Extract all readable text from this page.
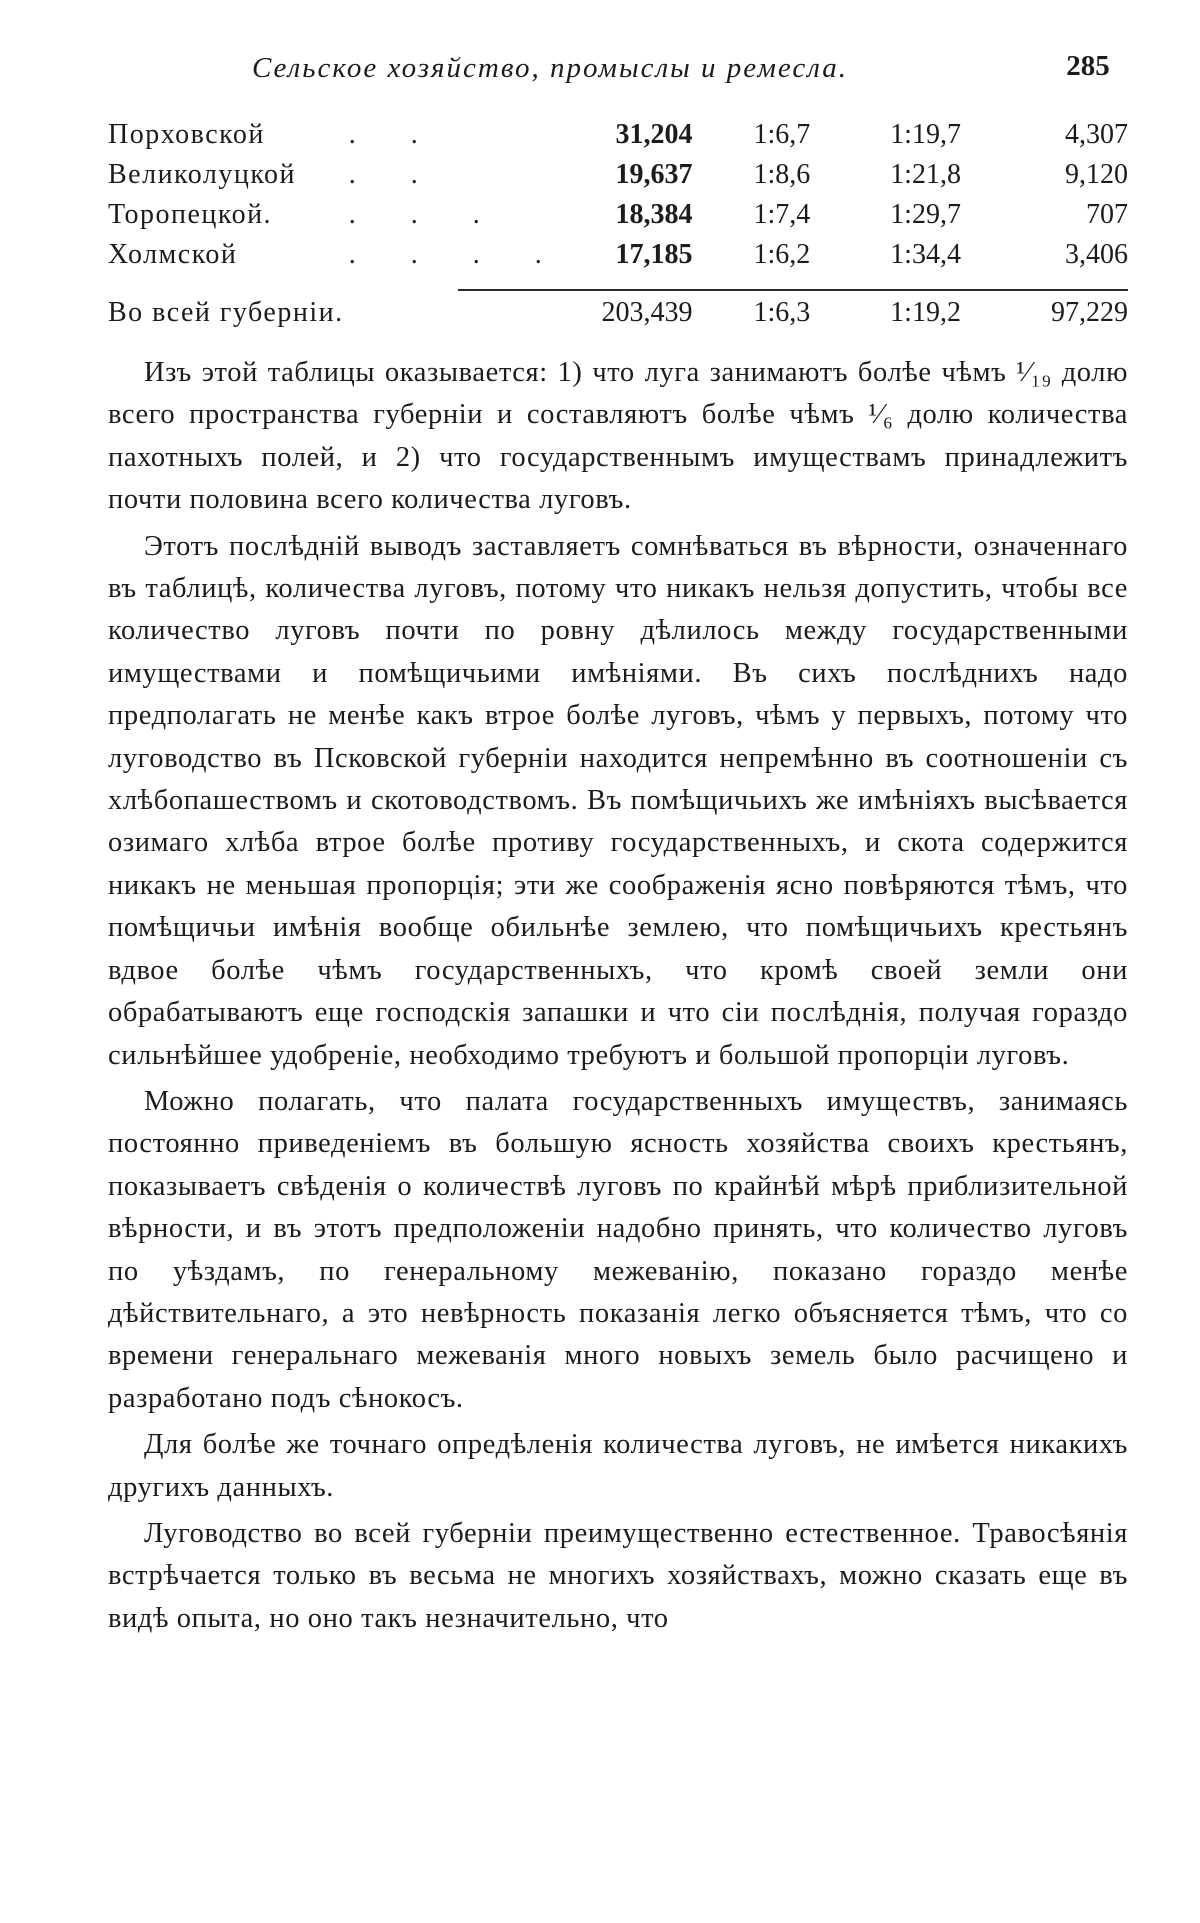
Сельское хозяйство, промыслы и ремесла.	285
Порховской	. .	31,204	1:6,7	1:19,7	4,307
Великолуцкой	. .	19,637	1:8,6	1:21,8	9,120
Торопецкой.	. . .	18,384	1:7,4	1:29,7	707
Холмской	. . . .	17,185	1:6,2	1:34,4	3,406
Во всей губерніи.		203,439	1:6,3	1:19,2	97,229

Изъ этой таблицы оказывается: 1) что луга занимаютъ болѣе чѣмъ ¹⁄₁₉ долю всего пространства губерніи и составляютъ болѣе чѣмъ ¹⁄₆ долю количества пахотныхъ полей, и 2) что государственнымъ имуществамъ принадлежитъ почти половина всего количества луговъ.

Этотъ послѣдній выводъ заставляетъ сомнѣваться въ вѣрности, означеннаго въ таблицѣ, количества луговъ, потому что никакъ нельзя допустить, чтобы все количество луговъ почти по ровну дѣлилось между государственными имуществами и помѣщичьими имѣніями. Въ сихъ послѣднихъ надо предполагать не менѣе какъ втрое болѣе луговъ, чѣмъ у первыхъ, потому что луговодство въ Псковской губерніи находится непремѣнно въ соотношеніи съ хлѣбопашествомъ и скотоводствомъ. Въ помѣщичьихъ же имѣніяхъ высѣвается озимаго хлѣба втрое болѣе противу государственныхъ, и скота содержится никакъ не меньшая пропорція; эти же соображенія ясно повѣряются тѣмъ, что помѣщичьи имѣнія вообще обильнѣе землею, что помѣщичьихъ крестьянъ вдвое болѣе чѣмъ государственныхъ, что кромѣ своей земли они обрабатываютъ еще господскія запашки и что сіи послѣднія, получая гораздо сильнѣйшее удобреніе, необходимо требуютъ и большой пропорціи луговъ.

Можно полагать, что палата государственныхъ имуществъ, занимаясь постоянно приведеніемъ въ большую ясность хозяйства своихъ крестьянъ, показываетъ свѣденія о количествѣ луговъ по крайнѣй мѣрѣ приблизительной вѣрности, и въ этотъ предположеніи надобно принять, что количество луговъ по уѣздамъ, по генеральному межеванію, показано гораздо менѣе дѣйствительнаго, а это невѣрность показанія легко объясняется тѣмъ, что со времени генеральнаго межеванія много новыхъ земель было расчищено и разработано подъ сѣнокосъ.

Для болѣе же точнаго опредѣленія количества луговъ, не имѣется никакихъ другихъ данныхъ.

Луговодство во всей губерніи преимущественно естественное. Травосѣянія встрѣчается только въ весьма не многихъ хозяйствахъ, можно сказать еще въ видѣ опыта, но оно такъ незначительно, что
